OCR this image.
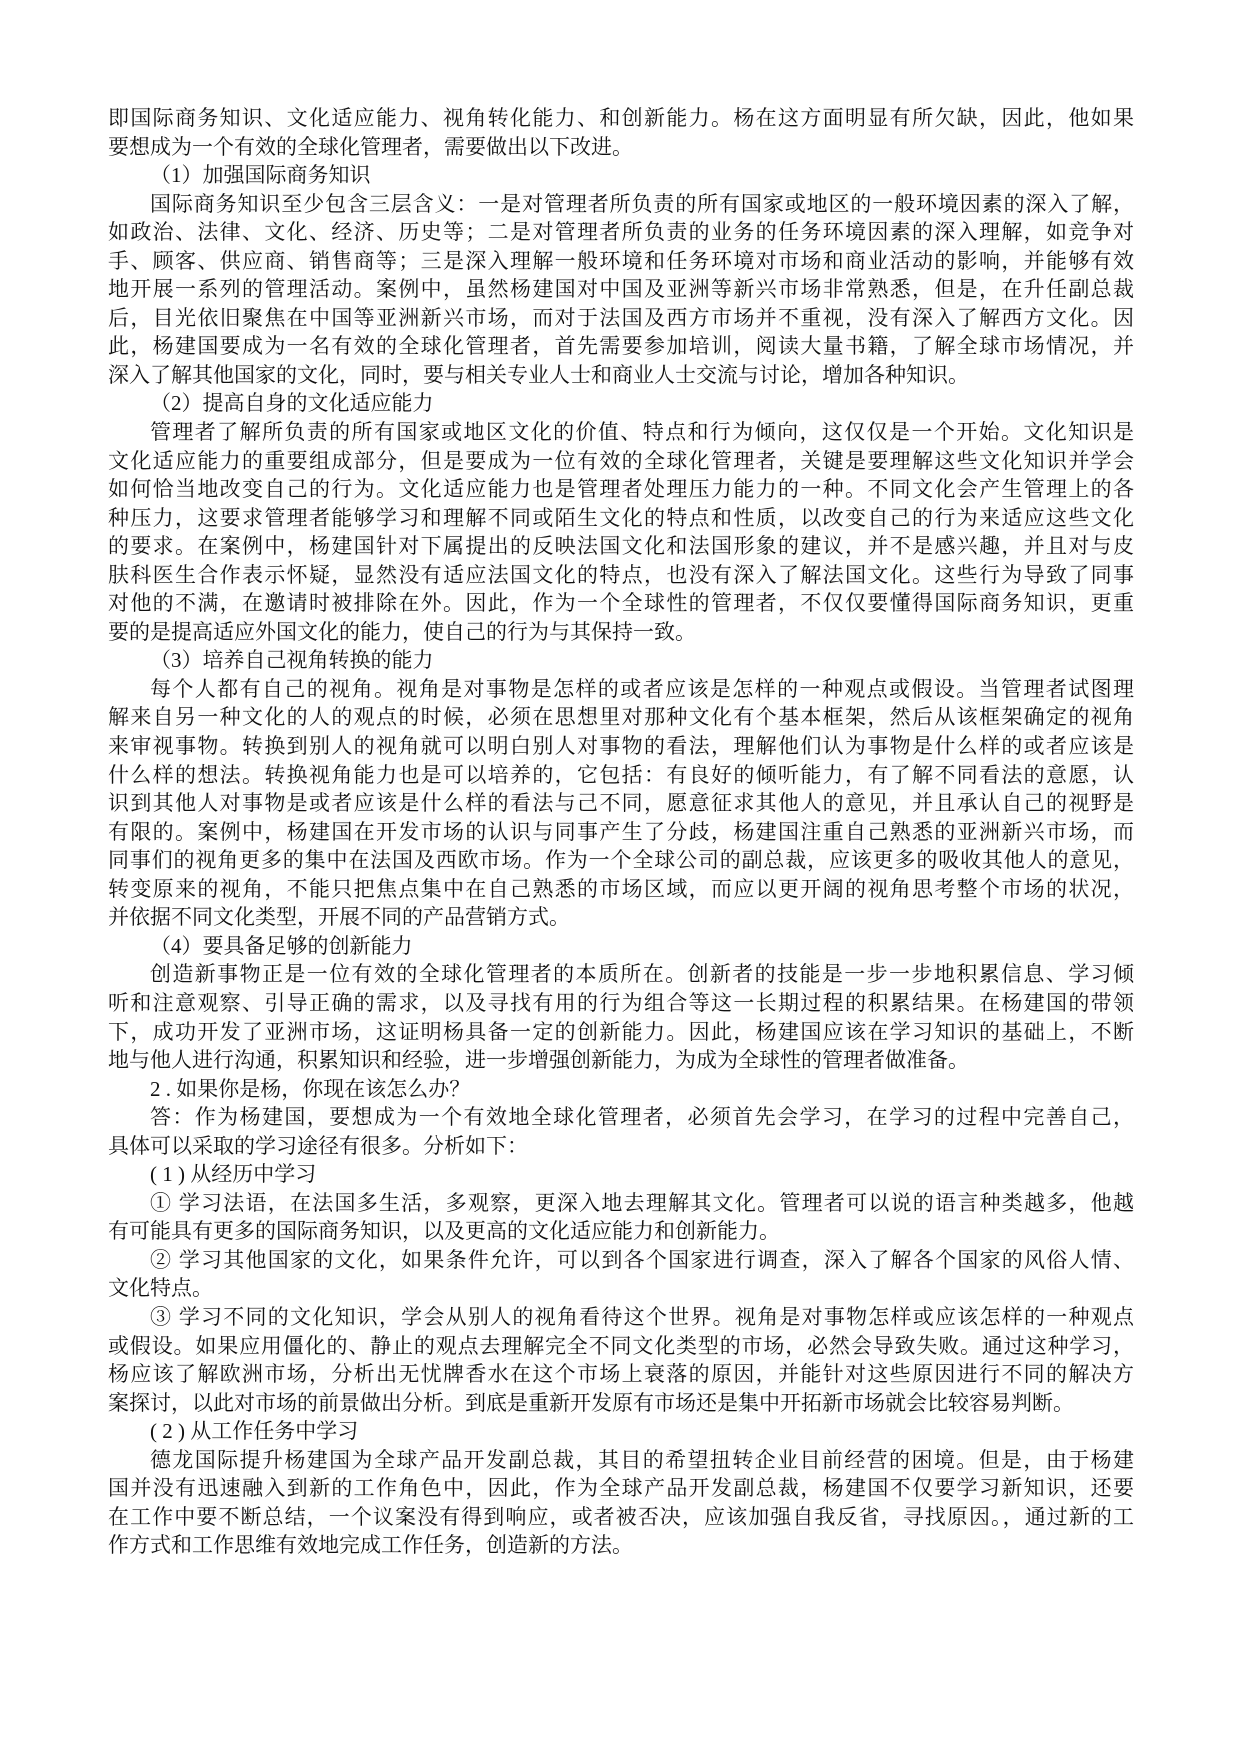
即国际商务知识、文化适应能力、视角转化能力、和创新能力。杨在这方面明显有所欠缺，因此，他如果
要想成为一个有效的全球化管理者，需要做出以下改进。
（1）加强国际商务知识
国际商务知识至少包含三层含义：一是对管理者所负责的所有国家或地区的一般环境因素的深入了解，
如政治、法律、文化、经济、历史等；二是对管理者所负责的业务的任务环境因素的深入理解，如竞争对
手、顾客、供应商、销售商等；三是深入理解一般环境和任务环境对市场和商业活动的影响，并能够有效
地开展一系列的管理活动。案例中，虽然杨建国对中国及亚洲等新兴市场非常熟悉，但是，在升任副总裁
后，目光依旧聚焦在中国等亚洲新兴市场，而对于法国及西方市场并不重视，没有深入了解西方文化。因
此，杨建国要成为一名有效的全球化管理者，首先需要参加培训，阅读大量书籍，了解全球市场情况，并
深入了解其他国家的文化，同时，要与相关专业人士和商业人士交流与讨论，增加各种知识。
（2）提高自身的文化适应能力
管理者了解所负责的所有国家或地区文化的价值、特点和行为倾向，这仅仅是一个开始。文化知识是
文化适应能力的重要组成部分，但是要成为一位有效的全球化管理者，关键是要理解这些文化知识并学会
如何恰当地改变自己的行为。文化适应能力也是管理者处理压力能力的一种。不同文化会产生管理上的各
种压力，这要求管理者能够学习和理解不同或陌生文化的特点和性质，以改变自己的行为来适应这些文化
的要求。在案例中，杨建国针对下属提出的反映法国文化和法国形象的建议，并不是感兴趣，并且对与皮
肤科医生合作表示怀疑，显然没有适应法国文化的特点，也没有深入了解法国文化。这些行为导致了同事
对他的不满，在邀请时被排除在外。因此，作为一个全球性的管理者，不仅仅要懂得国际商务知识，更重
要的是提高适应外国文化的能力，使自己的行为与其保持一致。
（3）培养自己视角转换的能力
每个人都有自己的视角。视角是对事物是怎样的或者应该是怎样的一种观点或假设。当管理者试图理
解来自另一种文化的人的观点的时候，必须在思想里对那种文化有个基本框架，然后从该框架确定的视角
来审视事物。转换到别人的视角就可以明白别人对事物的看法，理解他们认为事物是什么样的或者应该是
什么样的想法。转换视角能力也是可以培养的，它包括：有良好的倾听能力，有了解不同看法的意愿，认
识到其他人对事物是或者应该是什么样的看法与己不同，愿意征求其他人的意见，并且承认自己的视野是
有限的。案例中，杨建国在开发市场的认识与同事产生了分歧，杨建国注重自己熟悉的亚洲新兴市场，而
同事们的视角更多的集中在法国及西欧市场。作为一个全球公司的副总裁，应该更多的吸收其他人的意见，
转变原来的视角，不能只把焦点集中在自己熟悉的市场区域，而应以更开阔的视角思考整个市场的状况，
并依据不同文化类型，开展不同的产品营销方式。
（4）要具备足够的创新能力
创造新事物正是一位有效的全球化管理者的本质所在。创新者的技能是一步一步地积累信息、学习倾
听和注意观察、引导正确的需求，以及寻找有用的行为组合等这一长期过程的积累结果。在杨建国的带领
下，成功开发了亚洲市场，这证明杨具备一定的创新能力。因此，杨建国应该在学习知识的基础上，不断
地与他人进行沟通，积累知识和经验，进一步增强创新能力，为成为全球性的管理者做准备。
2 . 如果你是杨，你现在该怎么办？
答：作为杨建国，要想成为一个有效地全球化管理者，必须首先会学习，在学习的过程中完善自己，
具体可以采取的学习途径有很多。分析如下：
( 1 ) 从经历中学习
① 学习法语，在法国多生活，多观察，更深入地去理解其文化。管理者可以说的语言种类越多，他越
有可能具有更多的国际商务知识，以及更高的文化适应能力和创新能力。
② 学习其他国家的文化，如果条件允许，可以到各个国家进行调查，深入了解各个国家的风俗人情、
文化特点。
③ 学习不同的文化知识，学会从别人的视角看待这个世界。视角是对事物怎样或应该怎样的一种观点
或假设。如果应用僵化的、静止的观点去理解完全不同文化类型的市场，必然会导致失败。通过这种学习，
杨应该了解欧洲市场，分析出无忧牌香水在这个市场上衰落的原因，并能针对这些原因进行不同的解决方
案探讨，以此对市场的前景做出分析。到底是重新开发原有市场还是集中开拓新市场就会比较容易判断。
( 2 ) 从工作任务中学习
德龙国际提升杨建国为全球产品开发副总裁，其目的希望扭转企业目前经营的困境。但是，由于杨建
国并没有迅速融入到新的工作角色中，因此，作为全球产品开发副总裁，杨建国不仅要学习新知识，还要
在工作中要不断总结，一个议案没有得到响应，或者被否决，应该加强自我反省，寻找原因。，通过新的工
作方式和工作思维有效地完成工作任务，创造新的方法。
